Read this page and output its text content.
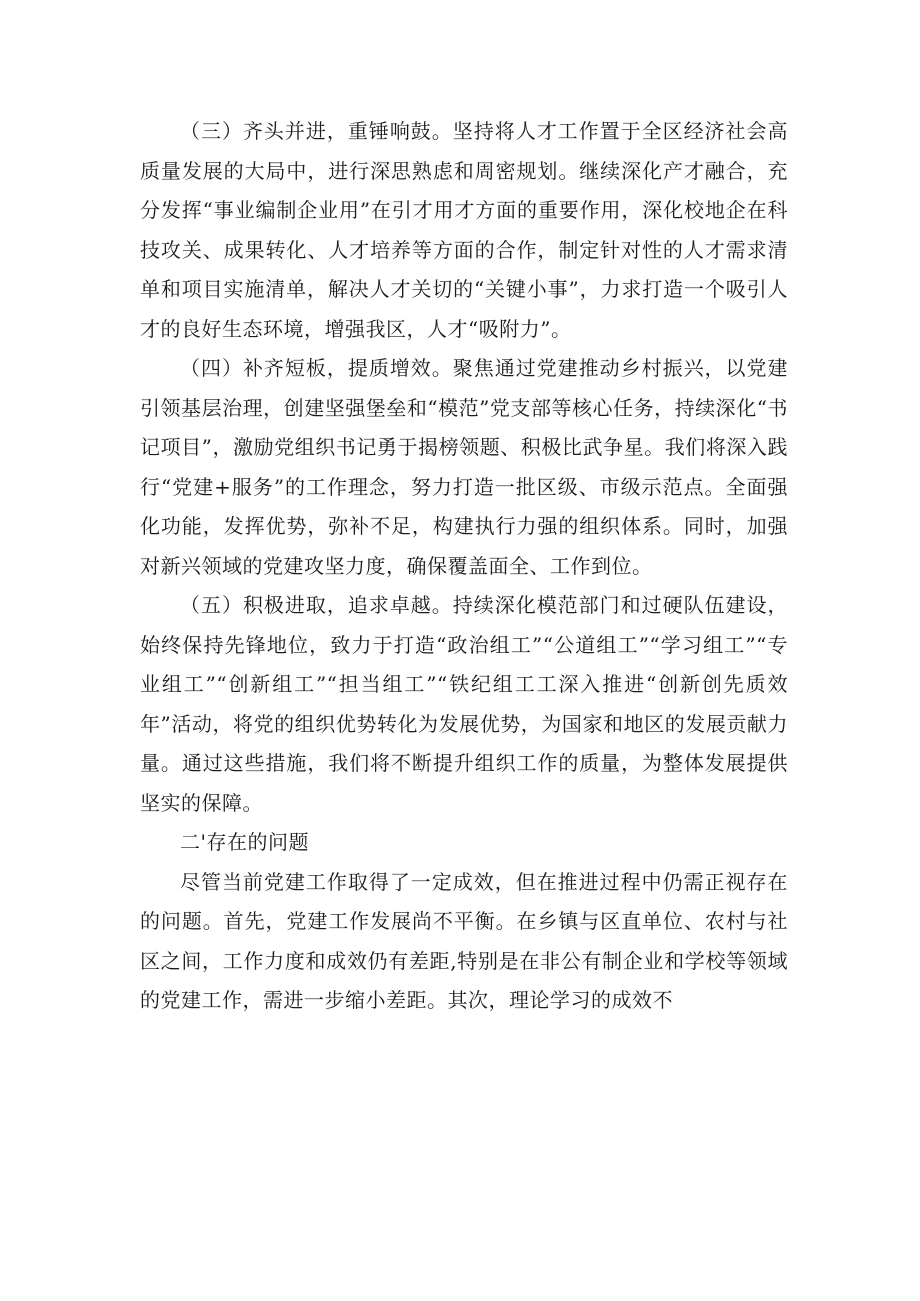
（三）齐头并进，重锤响鼓。坚持将人才工作置于全区经济社会高质量发展的大局中，进行深思熟虑和周密规划。继续深化产才融合，充分发挥“事业编制企业用”在引才用才方面的重要作用，深化校地企在科技攻关、成果转化、人才培养等方面的合作，制定针对性的人才需求清单和项目实施清单，解决人才关切的“关键小事”，力求打造一个吸引人才的良好生态环境，增强我区，人才“吸附力”。

（四）补齐短板，提质增效。聚焦通过党建推动乡村振兴，以党建引领基层治理，创建坚强堡垒和“模范”党支部等核心任务，持续深化“书记项目”，激励党组织书记勇于揭榜领题、积极比武争星。我们将深入践行“党建+服务”的工作理念，努力打造一批区级、市级示范点。全面强化功能，发挥优势，弥补不足，构建执行力强的组织体系。同时，加强对新兴领域的党建攻坚力度，确保覆盖面全、工作到位。

（五）积极进取，追求卓越。持续深化模范部门和过硬队伍建设，始终保持先锋地位，致力于打造“政治组工”“公道组工”“学习组工”“专业组工”“创新组工”“担当组工”“铁纪组工工深入推进“创新创先质效年”活动，将党的组织优势转化为发展优势，为国家和地区的发展贡献力量。通过这些措施，我们将不断提升组织工作的质量，为整体发展提供坚实的保障。

二'存在的问题

尽管当前党建工作取得了一定成效，但在推进过程中仍需正视存在的问题。首先，党建工作发展尚不平衡。在乡镇与区直单位、农村与社区之间，工作力度和成效仍有差距,特别是在非公有制企业和学校等领域的党建工作，需进一步缩小差距。其次，理论学习的成效不
